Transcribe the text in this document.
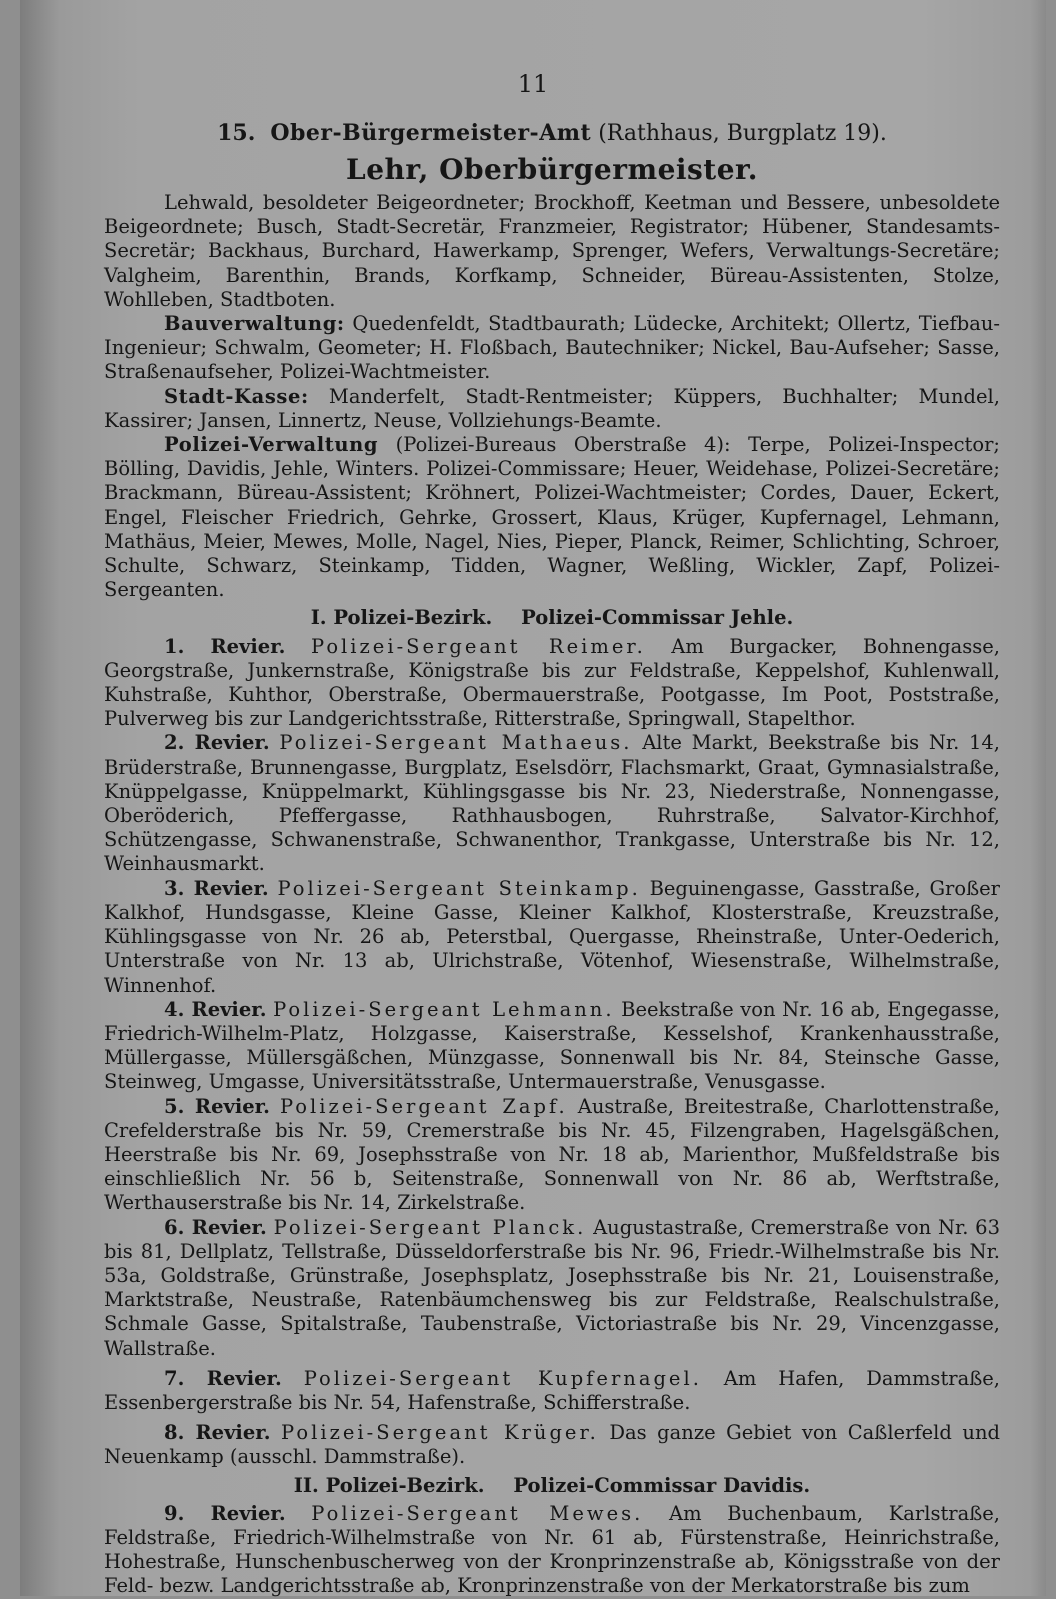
11
15. Ober-Bürgermeister-Amt (Rathhaus, Burgplatz 19).
Lehr, Oberbürgermeister.

Lehwald, besoldeter Beigeordneter; Brockhoff, Keetman und Bessere, unbesoldete Beigeordnete; Busch, Stadt-Secretär, Franzmeier, Registrator; Hübener, Standesamts-Secretär; Backhaus, Burchard, Hawerkamp, Sprenger, Wefers, Verwaltungs-Secretäre; Valgheim, Barenthin, Brands, Korfkamp, Schneider, Büreau-Assistenten, Stolze, Wohlleben, Stadtboten.

Bauverwaltung: Quedenfeldt, Stadtbaurath; Lüdecke, Architekt; Ollertz, Tiefbau-Ingenieur; Schwalm, Geometer; H. Floßbach, Bautechniker; Nickel, Bau-Aufseher; Sasse, Straßenaufseher, Polizei-Wachtmeister.

Stadt-Kasse: Manderfelt, Stadt-Rentmeister; Küppers, Buchhalter; Mundel, Kassirer; Jansen, Linnertz, Neuse, Vollziehungs-Beamte.

Polizei-Verwaltung (Polizei-Bureaus Oberstraße 4): Terpe, Polizei-Inspector; Bölling, Davidis, Jehle, Winters. Polizei-Commissare; Heuer, Weidehase, Polizei-Secretäre; Brackmann, Büreau-Assistent; Kröhnert, Polizei-Wachtmeister; Cordes, Dauer, Eckert, Engel, Fleischer Friedrich, Gehrke, Grossert, Klaus, Krüger, Kupfernagel, Lehmann, Mathäus, Meier, Mewes, Molle, Nagel, Nies, Pieper, Planck, Reimer, Schlichting, Schroer, Schulte, Schwarz, Steinkamp, Tidden, Wagner, Weßling, Wickler, Zapf, Polizei-Sergeanten.

I. Polizei-Bezirk. Polizei-Commissar Jehle.

1. Revier. Polizei-Sergeant Reimer. Am Burgacker, Bohnengasse, Georgstraße, Junkernstraße, Königstraße bis zur Feldstraße, Keppelshof, Kuhlenwall, Kuhstraße, Kuhthor, Oberstraße, Obermauerstraße, Pootgasse, Im Poot, Poststraße, Pulverweg bis zur Landgerichtsstraße, Ritterstraße, Springwall, Stapelthor.

2. Revier. Polizei-Sergeant Mathaeus. Alte Markt, Beekstraße bis Nr. 14, Brüderstraße, Brunnengasse, Burgplatz, Eselsdörr, Flachsmarkt, Graat, Gymnasialstraße, Knüppelgasse, Knüppelmarkt, Kühlingsgasse bis Nr. 23, Niederstraße, Nonnengasse, Oberöderich, Pfeffergasse, Rathhausbogen, Ruhrstraße, Salvator-Kirchhof, Schützengasse, Schwanenstraße, Schwanenthor, Trankgasse, Unterstraße bis Nr. 12, Weinhausmarkt.

3. Revier. Polizei-Sergeant Steinkamp. Beguinengasse, Gasstraße, Großer Kalkhof, Hundsgasse, Kleine Gasse, Kleiner Kalkhof, Klosterstraße, Kreuzstraße, Kühlingsgasse von Nr. 26 ab, Peterstbal, Quergasse, Rheinstraße, Unter-Oederich, Unterstraße von Nr. 13 ab, Ulrichstraße, Vötenhof, Wiesenstraße, Wilhelmstraße, Winnenhof.

4. Revier. Polizei-Sergeant Lehmann. Beekstraße von Nr. 16 ab, Engegasse, Friedrich-Wilhelm-Platz, Holzgasse, Kaiserstraße, Kesselshof, Krankenhausstraße, Müllergasse, Müllersgäßchen, Münzgasse, Sonnenwall bis Nr. 84, Steinsche Gasse, Steinweg, Umgasse, Universitätsstraße, Untermauerstraße, Venusgasse.

5. Revier. Polizei-Sergeant Zapf. Austraße, Breitestraße, Charlottenstraße, Crefelderstraße bis Nr. 59, Cremerstraße bis Nr. 45, Filzengraben, Hagelsgäßchen, Heerstraße bis Nr. 69, Josephsstraße von Nr. 18 ab, Marienthor, Mußfeldstraße bis einschließlich Nr. 56 b, Seitenstraße, Sonnenwall von Nr. 86 ab, Werftstraße, Werthauserstraße bis Nr. 14, Zirkelstraße.

6. Revier. Polizei-Sergeant Planck. Augustastraße, Cremerstraße von Nr. 63 bis 81, Dellplatz, Tellstraße, Düsseldorferstraße bis Nr. 96, Friedr.-Wilhelmstraße bis Nr. 53a, Goldstraße, Grünstraße, Josephsplatz, Josephsstraße bis Nr. 21, Louisenstraße, Marktstraße, Neustraße, Ratenbäumchensweg bis zur Feldstraße, Realschulstraße, Schmale Gasse, Spitalstraße, Taubenstraße, Victoriastraße bis Nr. 29, Vincenzgasse, Wallstraße.

7. Revier. Polizei-Sergeant Kupfernagel. Am Hafen, Dammstraße, Essenbergerstraße bis Nr. 54, Hafenstraße, Schifferstraße.

8. Revier. Polizei-Sergeant Krüger. Das ganze Gebiet von Caßlerfeld und Neuenkamp (ausschl. Dammstraße).

II. Polizei-Bezirk. Polizei-Commissar Davidis.

9. Revier. Polizei-Sergeant Mewes. Am Buchenbaum, Karlstraße, Feldstraße, Friedrich-Wilhelmstraße von Nr. 61 ab, Fürstenstraße, Heinrichstraße, Hohestraße, Hunschenbuscherweg von der Kronprinzenstraße ab, Königsstraße von der Feld- bezw. Landgerichtsstraße ab, Kronprinzenstraße von der Merkatorstraße bis zum
